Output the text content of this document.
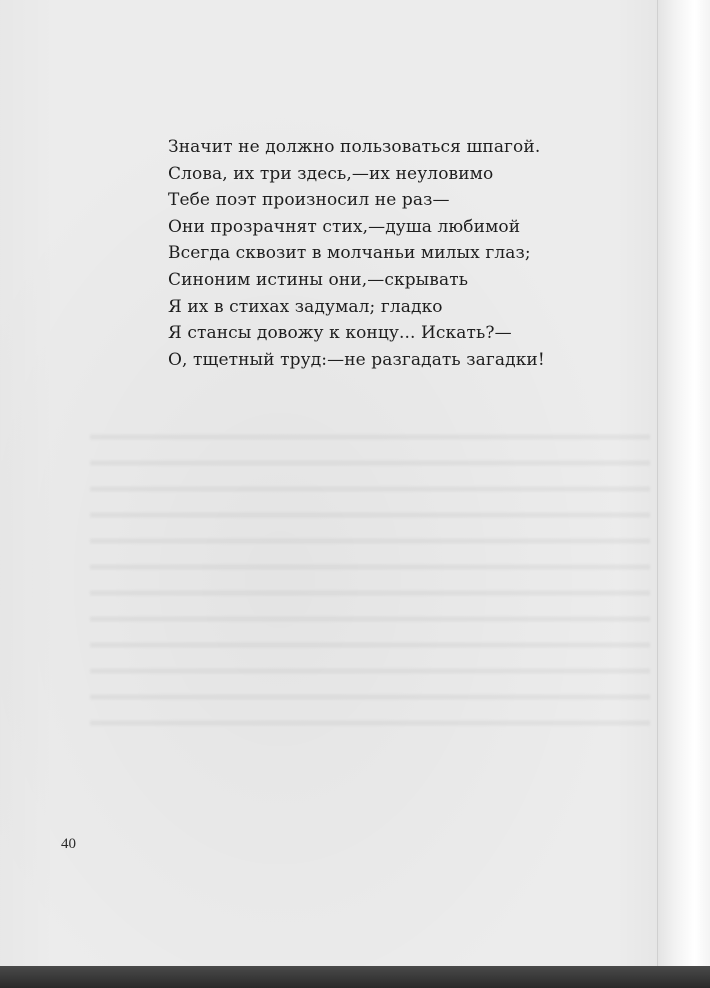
Значит не должно пользоваться шпагой.
Слова, их три здесь,—их неуловимо
Тебе поэт произносил не раз—
Они прозрачнят стих,—душа любимой
Всегда сквозит в молчаньи милых глаз;
Синоним истины они,—скрывать
Я их в стихах задумал; гладко
Я стансы довожу к концу... Искать?—
О, тщетный труд:—не разгадать загадки!
40
